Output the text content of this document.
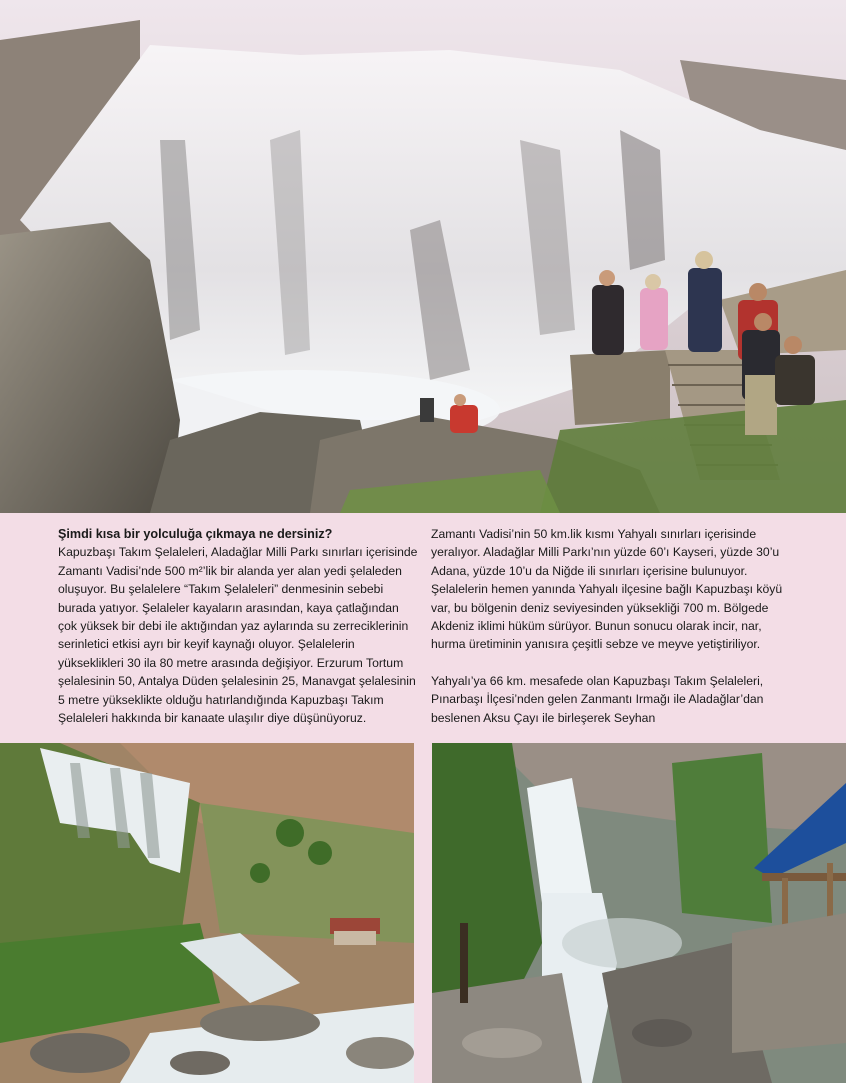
Şimdi kısa bir yolculuğa çıkmaya ne dersiniz?

Kapuzbaşı Takım Şelaleleri, Aladağlar Milli Parkı sınırları içerisinde Zamantı Vadisi’nde 500 m²’lik bir alanda yer alan yedi şelaleden oluşuyor. Bu şelalelere “Takım Şelaleleri” denmesinin sebebi burada yatıyor. Şelaleler kayaların arasından, kaya çatlağından çok yüksek bir debi ile aktığından yaz aylarında su zerreciklerinin serinletici etkisi ayrı bir keyif kaynağı oluyor. Şelalelerin yükseklikleri 30 ila 80 metre arasında değişiyor. Erzurum Tortum şelalesinin 50, Antalya Düden şelalesinin 25, Manavgat şelalesinin 5 metre yükseklikte olduğu hatırlandığında Kapuzbaşı Takım Şelaleleri hakkında bir kanaate ulaşılır diye düşünüyoruz.

Zamantı Vadisi’nin 50 km.lik kısmı Yahyalı sınırları içerisinde yeralıyor. Aladağlar Milli Parkı’nın yüzde 60’ı Kayseri, yüzde 30’u Adana, yüzde 10’u da Niğde ili sınırları içerisine bulunuyor. Şelalelerin hemen yanında Yahyalı ilçesine bağlı Kapuzbaşı köyü var, bu bölgenin deniz seviyesinden yüksekliği 700 m. Bölgede Akdeniz iklimi hüküm sürüyor. Bunun sonucu olarak incir, nar, hurma üretiminin yanısıra çeşitli sebze ve meyve yetiştiriliyor.

Yahyalı’ya 66 km. mesafede olan Kapuzbaşı Takım Şelaleleri, Pınarbaşı İlçesi’nden gelen Zanmantı Irmağı ile Aladağlar’dan beslenen Aksu Çayı ile birleşerek Seyhan
